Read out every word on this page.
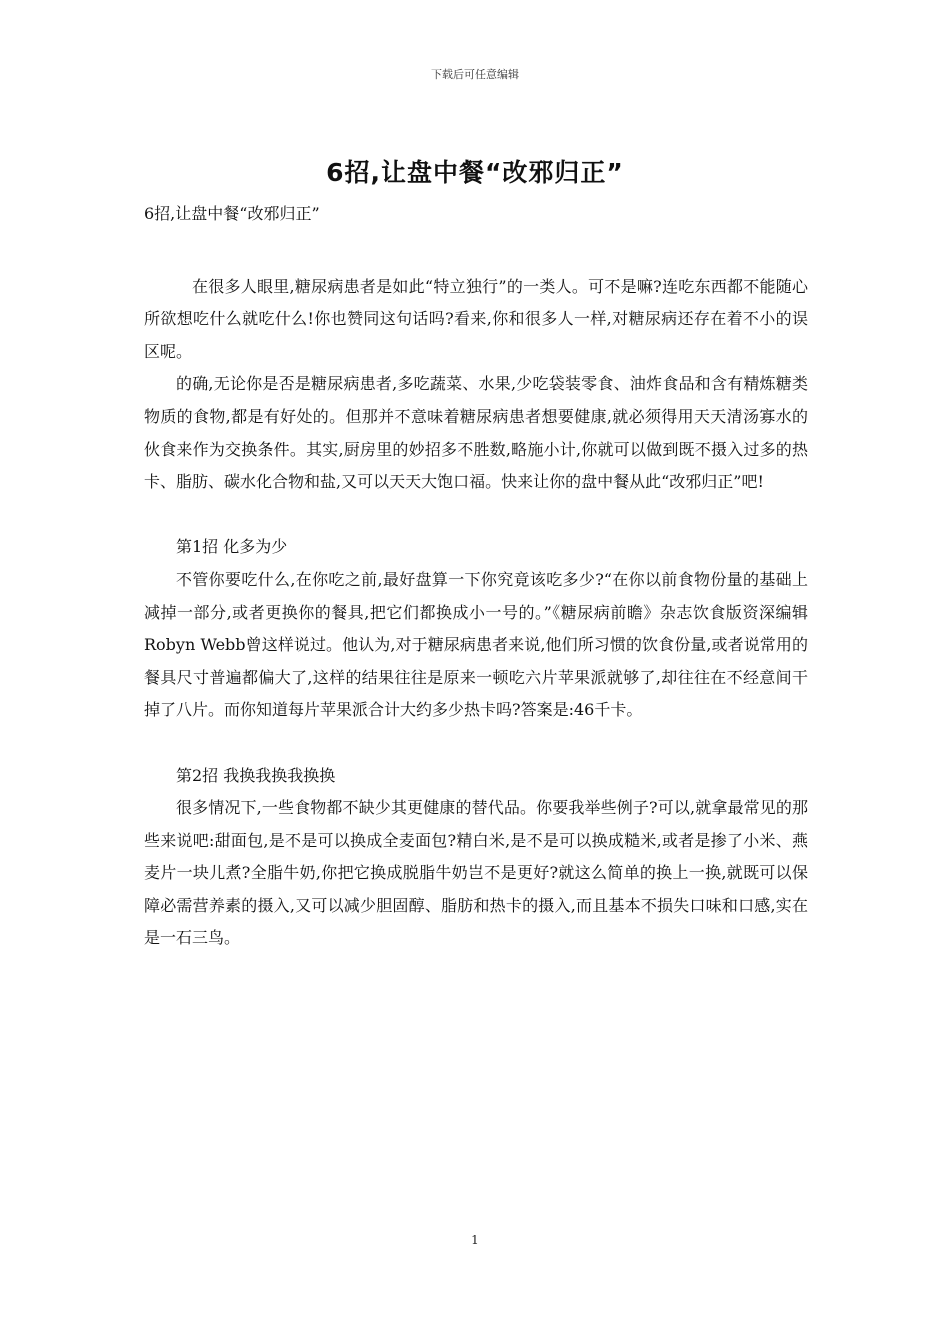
下载后可任意编辑
6招,让盘中餐“改邪归正”

6招,让盘中餐“改邪归正”

在很多人眼里,糖尿病患者是如此“特立独行”的一类人。可不是嘛?连吃东西都不能随心所欲想吃什么就吃什么!你也赞同这句话吗?看来,你和很多人一样,对糖尿病还存在着不小的误区呢。

的确,无论你是否是糖尿病患者,多吃蔬菜、水果,少吃袋装零食、油炸食品和含有精炼糖类物质的食物,都是有好处的。但那并不意味着糖尿病患者想要健康,就必须得用天天清汤寡水的伙食来作为交换条件。其实,厨房里的妙招多不胜数,略施小计,你就可以做到既不摄入过多的热卡、脂肪、碳水化合物和盐,又可以天天大饱口福。快来让你的盘中餐从此“改邪归正”吧!

第1招 化多为少

不管你要吃什么,在你吃之前,最好盘算一下你究竟该吃多少?“在你以前食物份量的基础上减掉一部分,或者更换你的餐具,把它们都换成小一号的。”《糖尿病前瞻》杂志饮食版资深编辑Robyn Webb曾这样说过。他认为,对于糖尿病患者来说,他们所习惯的饮食份量,或者说常用的餐具尺寸普遍都偏大了,这样的结果往往是原来一顿吃六片苹果派就够了,却往往在不经意间干掉了八片。而你知道每片苹果派合计大约多少热卡吗?答案是:46千卡。

第2招 我换我换我换换

很多情况下,一些食物都不缺少其更健康的替代品。你要我举些例子?可以,就拿最常见的那些来说吧:甜面包,是不是可以换成全麦面包?精白米,是不是可以换成糙米,或者是掺了小米、燕麦片一块儿煮?全脂牛奶,你把它换成脱脂牛奶岂不是更好?就这么简单的换上一换,就既可以保障必需营养素的摄入,又可以减少胆固醇、脂肪和热卡的摄入,而且基本不损失口味和口感,实在是一石三鸟。

1
